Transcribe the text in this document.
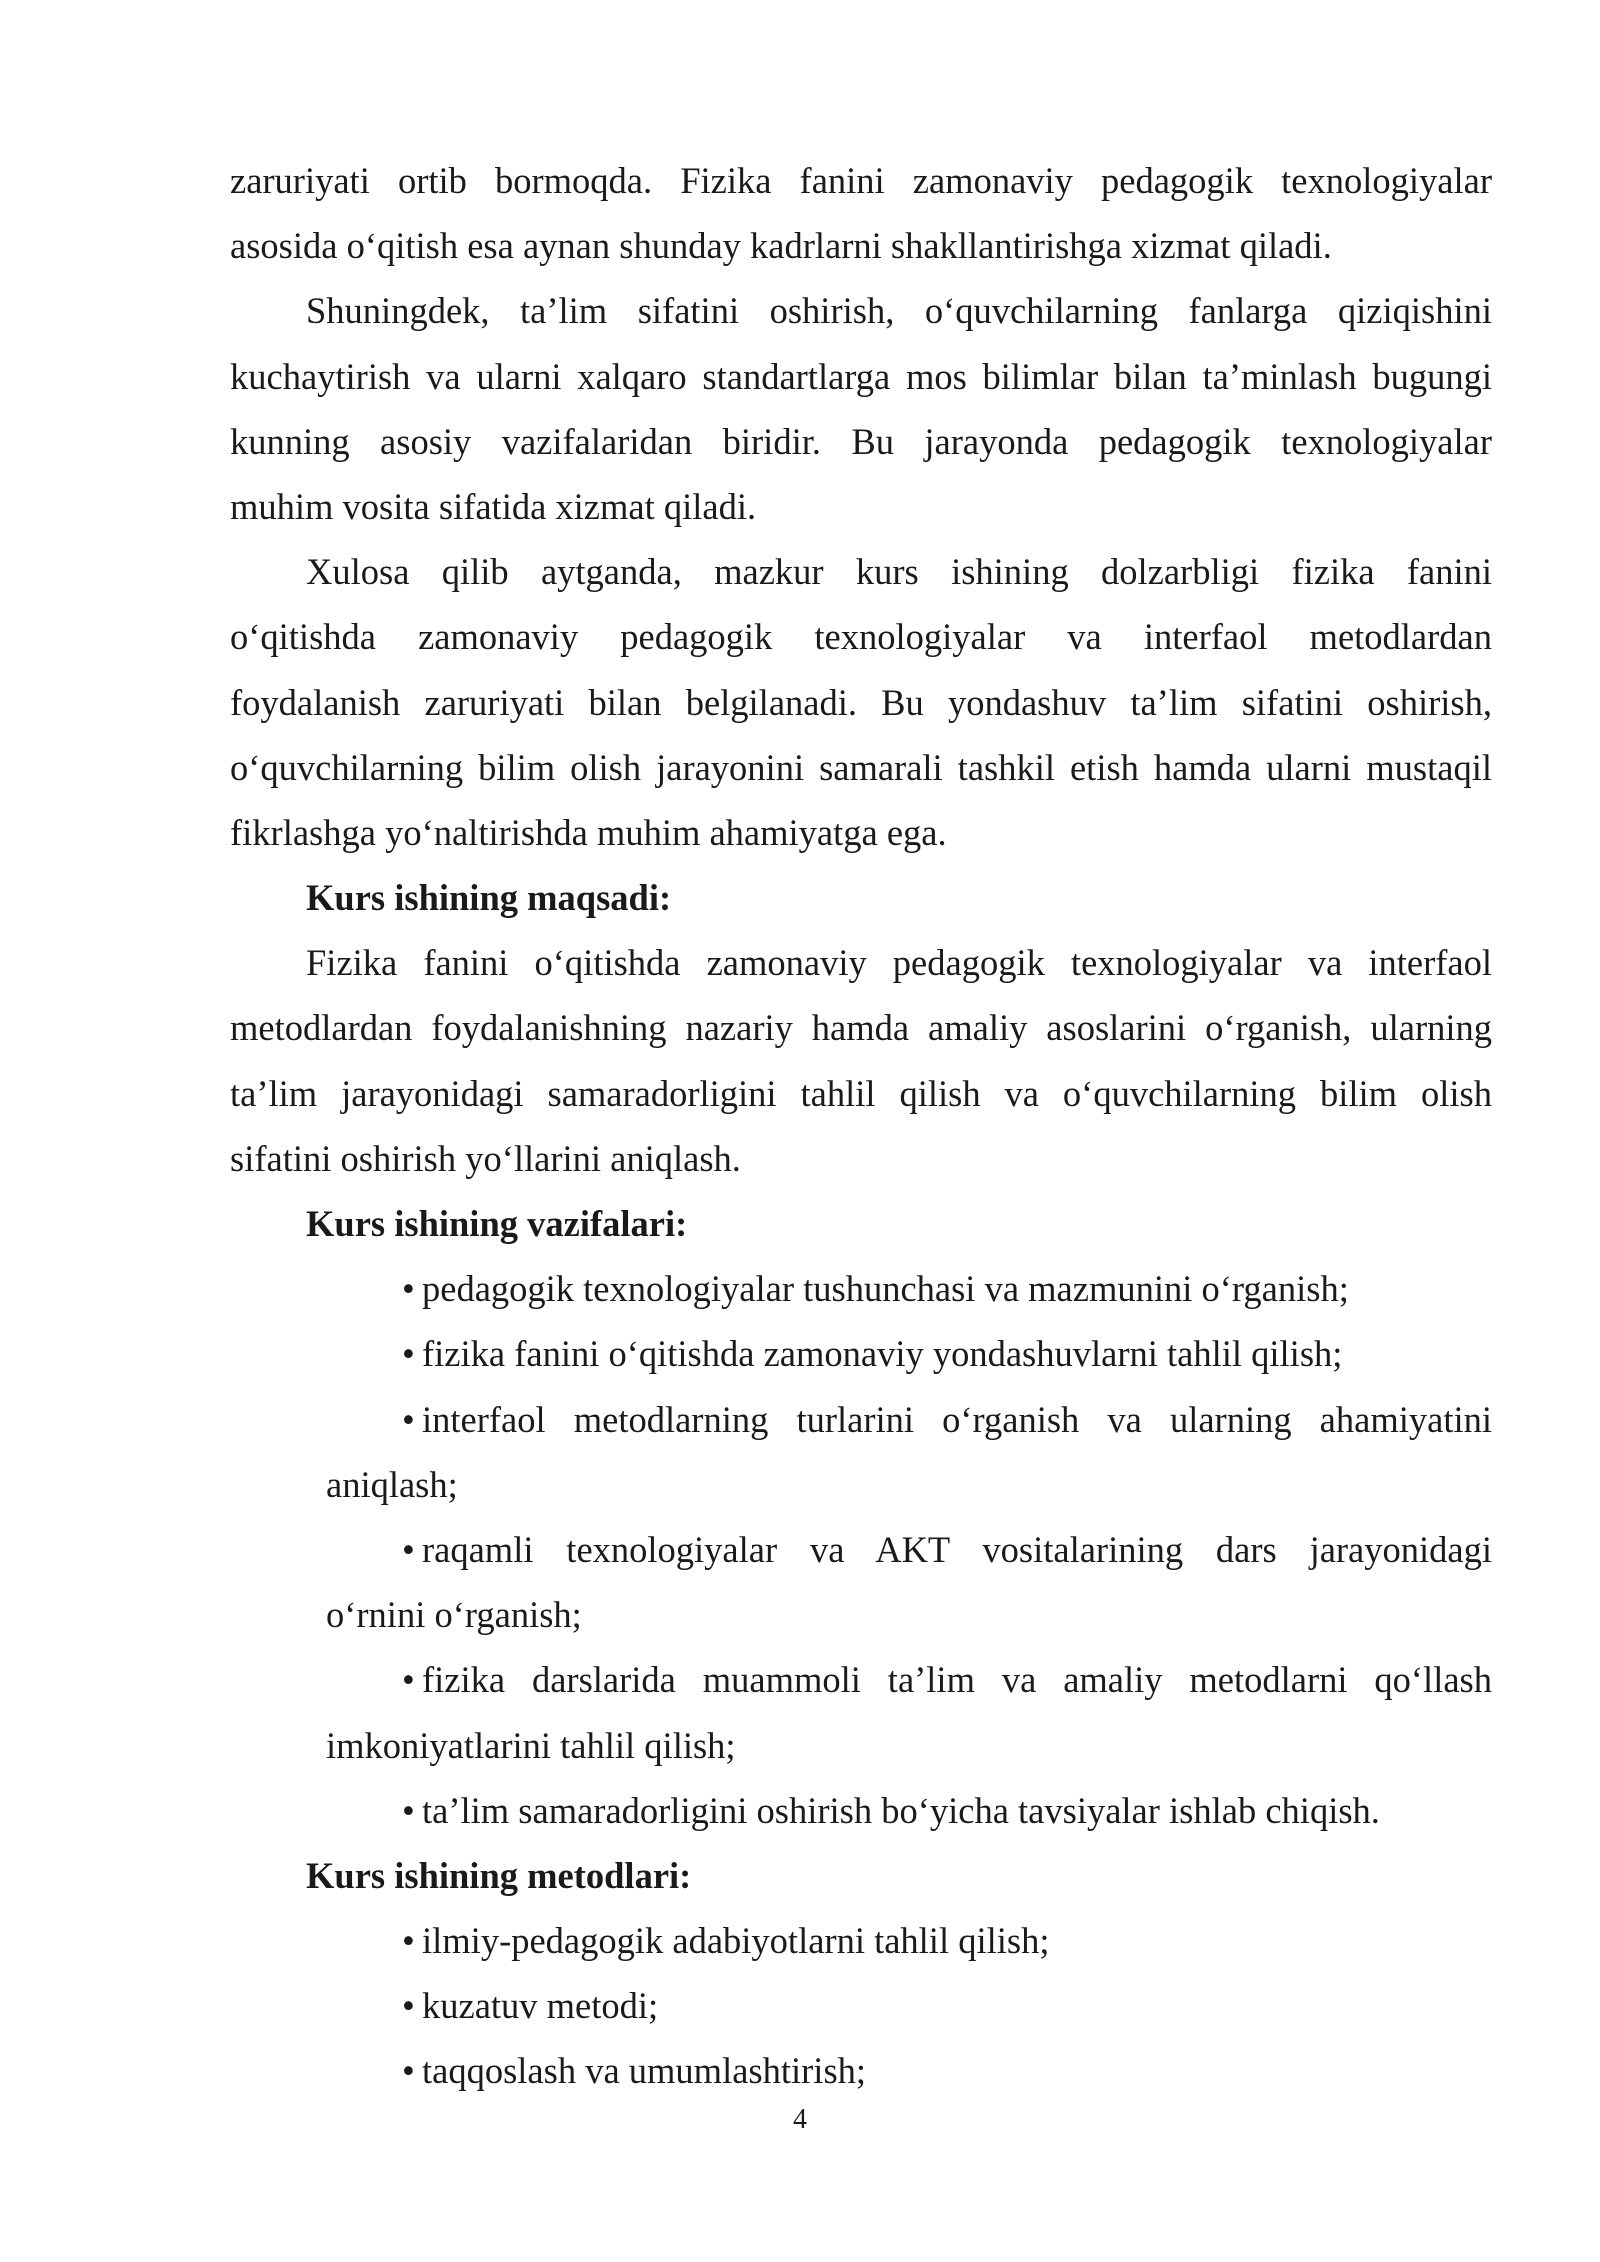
zaruriyati ortib bormoqda. Fizika fanini zamonaviy pedagogik texnologiyalar

asosida o‘qitish esa aynan shunday kadrlarni shakllantirishga xizmat qiladi.

Shuningdek, ta’lim sifatini oshirish, o‘quvchilarning fanlarga qiziqishini

kuchaytirish va ularni xalqaro standartlarga mos bilimlar bilan ta’minlash bugungi

kunning asosiy vazifalaridan biridir. Bu jarayonda pedagogik texnologiyalar

muhim vosita sifatida xizmat qiladi.

Xulosa qilib aytganda, mazkur kurs ishining dolzarbligi fizika fanini

o‘qitishda zamonaviy pedagogik texnologiyalar va interfaol metodlardan

foydalanish zaruriyati bilan belgilanadi. Bu yondashuv ta’lim sifatini oshirish,

o‘quvchilarning bilim olish jarayonini samarali tashkil etish hamda ularni mustaqil

fikrlashga yo‘naltirishda muhim ahamiyatga ega.

Kurs ishining maqsadi:

Fizika fanini o‘qitishda zamonaviy pedagogik texnologiyalar va interfaol

metodlardan foydalanishning nazariy hamda amaliy asoslarini o‘rganish, ularning

ta’lim jarayonidagi samaradorligini tahlil qilish va o‘quvchilarning bilim olish

sifatini oshirish yo‘llarini aniqlash.

Kurs ishining vazifalari:

• pedagogik texnologiyalar tushunchasi va mazmunini o‘rganish;

• fizika fanini o‘qitishda zamonaviy yondashuvlarni tahlil qilish;

• interfaol metodlarning turlarini o‘rganish va ularning ahamiyatini

aniqlash;

• raqamli texnologiyalar va AKT vositalarining dars jarayonidagi

o‘rnini o‘rganish;

• fizika darslarida muammoli ta’lim va amaliy metodlarni qo‘llash

imkoniyatlarini tahlil qilish;

• ta’lim samaradorligini oshirish bo‘yicha tavsiyalar ishlab chiqish.

Kurs ishining metodlari:

• ilmiy-pedagogik adabiyotlarni tahlil qilish;

• kuzatuv metodi;

• taqqoslash va umumlashtirish;

4
